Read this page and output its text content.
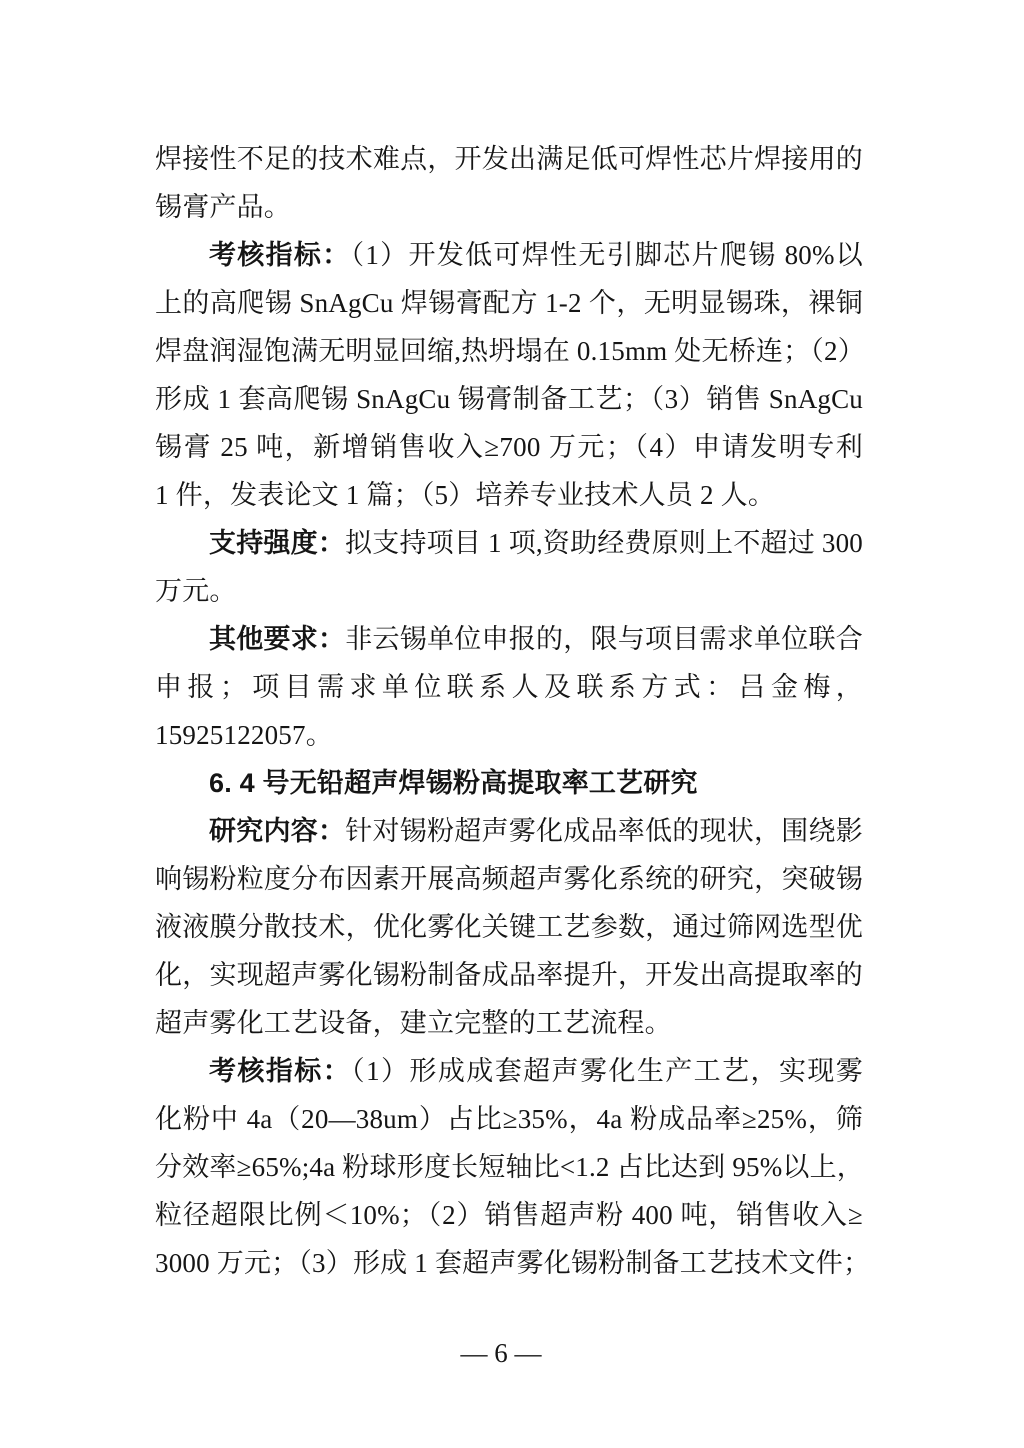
焊接性不足的技术难点，开发出满足低可焊性芯片焊接用的
锡膏产品。
考核指标：（1）开发低可焊性无引脚芯片爬锡 80%以
上的高爬锡 SnAgCu 焊锡膏配方 1-2 个，无明显锡珠，裸铜
焊盘润湿饱满无明显回缩,热坍塌在 0.15mm 处无桥连；（2）
形成 1 套高爬锡 SnAgCu 锡膏制备工艺；（3）销售 SnAgCu
锡膏 25 吨，新增销售收入≥700 万元；（4）申请发明专利
1 件，发表论文 1 篇；（5）培养专业技术人员 2 人。
支持强度：拟支持项目 1 项,资助经费原则上不超过 300
万元。
其他要求：非云锡单位申报的，限与项目需求单位联合
申报；项目需求单位联系人及联系方式：吕金梅，
15925122057。
6. 4 号无铅超声焊锡粉高提取率工艺研究
研究内容：针对锡粉超声雾化成品率低的现状，围绕影
响锡粉粒度分布因素开展高频超声雾化系统的研究，突破锡
液液膜分散技术，优化雾化关键工艺参数，通过筛网选型优
化，实现超声雾化锡粉制备成品率提升，开发出高提取率的
超声雾化工艺设备，建立完整的工艺流程。
考核指标：（1）形成成套超声雾化生产工艺，实现雾
化粉中 4a（20—38um）占比≥35%，4a 粉成品率≥25%，筛
分效率≥65%;4a 粉球形度长短轴比<1.2 占比达到 95%以上，
粒径超限比例＜10%；（2）销售超声粉 400 吨，销售收入≥
3000 万元；（3）形成 1 套超声雾化锡粉制备工艺技术文件；
— 6 —
